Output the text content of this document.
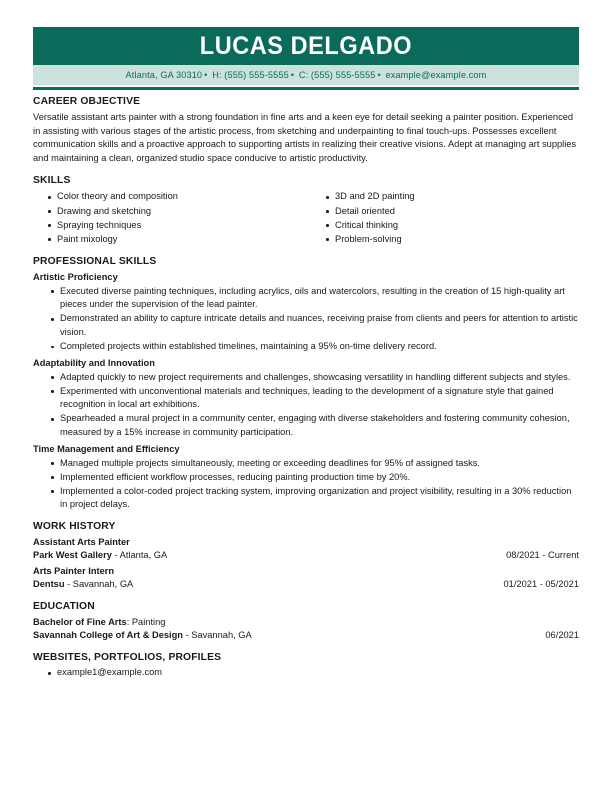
LUCAS DELGADO
Atlanta, GA 30310 • H: (555) 555-5555 • C: (555) 555-5555 • example@example.com
CAREER OBJECTIVE

Versatile assistant arts painter with a strong foundation in fine arts and a keen eye for detail seeking a painter position. Experienced in assisting with various stages of the artistic process, from sketching and underpainting to final touch-ups. Possesses excellent communication skills and a proactive approach to supporting artists in realizing their creative visions. Adept at managing art supplies and maintaining a clean, organized studio space conducive to artistic productivity.

SKILLS
Color theory and composition
Drawing and sketching
Spraying techniques
Paint mixology
3D and 2D painting
Detail oriented
Critical thinking
Problem-solving
PROFESSIONAL SKILLS
Artistic Proficiency
Executed diverse painting techniques, including acrylics, oils and watercolors, resulting in the creation of 15 high-quality art pieces under the supervision of the lead painter.
Demonstrated an ability to capture intricate details and nuances, receiving praise from clients and peers for attention to artistic vision.
Completed projects within established timelines, maintaining a 95% on-time delivery record.
Adaptability and Innovation
Adapted quickly to new project requirements and challenges, showcasing versatility in handling different subjects and styles.
Experimented with unconventional materials and techniques, leading to the development of a signature style that gained recognition in local art exhibitions.
Spearheaded a mural project in a community center, engaging with diverse stakeholders and fostering community cohesion, measured by a 15% increase in community participation.
Time Management and Efficiency
Managed multiple projects simultaneously, meeting or exceeding deadlines for 95% of assigned tasks.
Implemented efficient workflow processes, reducing painting production time by 20%.
Implemented a color-coded project tracking system, improving organization and project visibility, resulting in a 30% reduction in project delays.
WORK HISTORY
Assistant Arts Painter
Park West Gallery - Atlanta, GA	08/2021 - Current
Arts Painter Intern
Dentsu - Savannah, GA	01/2021 - 05/2021
EDUCATION
Bachelor of Fine Arts: Painting
Savannah College of Art & Design - Savannah, GA	06/2021
WEBSITES, PORTFOLIOS, PROFILES
example1@example.com
